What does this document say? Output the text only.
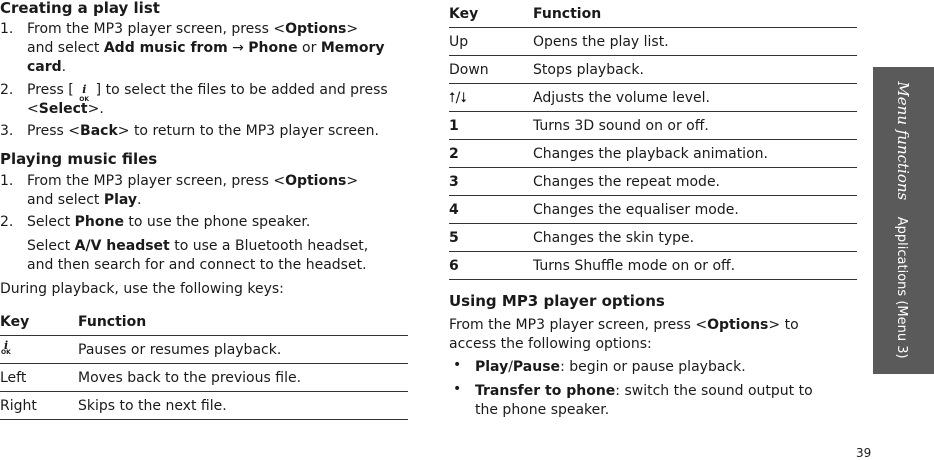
Creating a play list
1. From the MP3 player screen, press <Options>
and select Add music from → Phone or Memory
card.
2. Press [ i
OK
] to select the files to be added and press
<Select>.
3. Press <Back> to return to the MP3 player screen.
Playing music files
1. From the MP3 player screen, press <Options>
and select Play.
2. Select Phone to use the phone speaker.
Select A/V headset to use a Bluetooth headset,
and then search for and connect to the headset.
During playback, use the following keys:
Key	Function

i
OK	Pauses or resumes playback.
Left	Moves back to the previous file.
Right	Skips to the next file.
Key	Function
Up	Opens the play list.
Down	Stops playback.
⭡/⭣	Adjusts the volume level.
1	Turns 3D sound on or off.
2	Changes the playback animation.
3	Changes the repeat mode.
4	Changes the equaliser mode.
5	Changes the skin type.
6	Turns Shuffle mode on or off.
Using MP3 player options
From the MP3 player screen, press <Options> to
access the following options:
• Play/Pause: begin or pause playback.
• Transfer to phone: switch the sound output to
the phone speaker.
Menu functions    Applications (Menu 3)
39
